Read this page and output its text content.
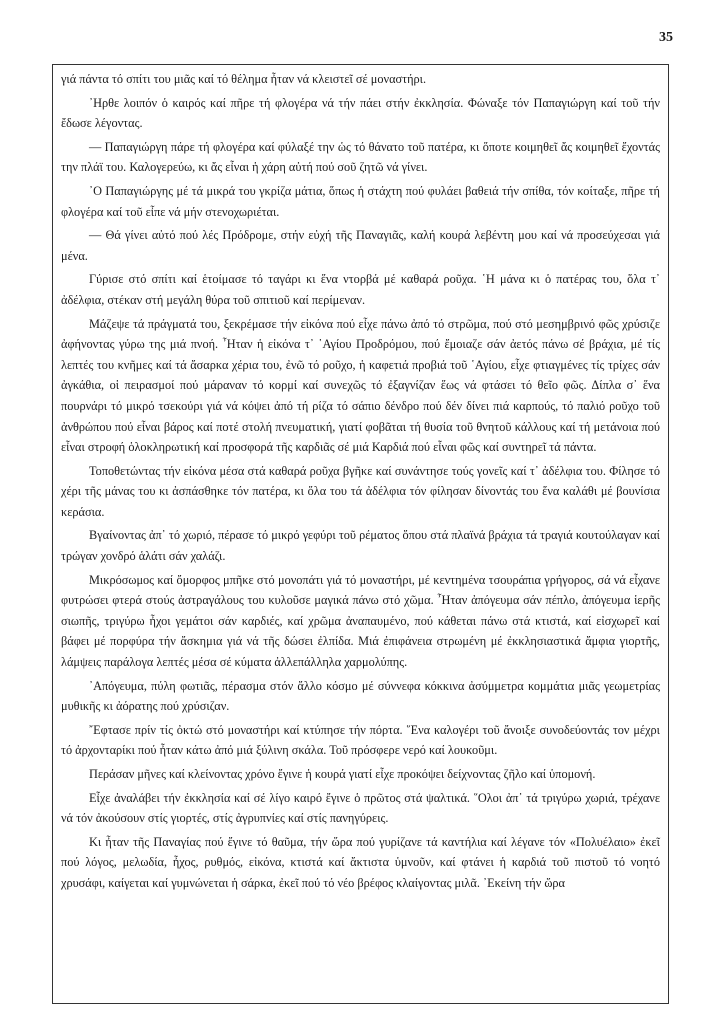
35

γιά πάντα τό σπίτι του μιᾶς καί τό θέλημα ἦταν νά κλειστεῖ σέ μοναστήρι.

᾿Ηρθε λοιπόν ὁ καιρός καί πῆρε τή φλογέρα νά τήν πάει στήν ἐκκλησία. Φώναξε τόν Παπαγιώργη καί τοῦ τήν ἔδωσε λέγοντας.

— Παπαγιώργη πάρε τή φλογέρα καί φύλαξέ την ὡς τό θάνατο τοῦ πατέρα, κι ὅποτε κοιμηθεῖ ἄς κοιμηθεῖ ἔχοντάς την πλάϊ του. Καλογερεύω, κι ἄς εἶναι ἡ χάρη αὐτή πού σοῦ ζητῶ νά γίνει.

᾿Ο Παπαγιώργης μέ τά μικρά του γκρίζα μάτια, ὅπως ἡ στάχτη πού φυλάει βαθειά τήν σπίθα, τόν κοίταξε, πῆρε τή φλογέρα καί τοῦ εἶπε νά μήν στενοχωριέται.

— Θά γίνει αὐτό πού λές Πρόδρομε, στήν εὐχή τῆς Παναγιᾶς, καλή κουρά λεβέντη μου καί νά προσεύχεσαι γιά μένα.

Γύρισε στό σπίτι καί ἑτοίμασε τό ταγάρι κι ἕνα ντορβά μέ καθαρά ροῦχα. ῾Η μάνα κι ὁ πατέρας του, ὅλα τ᾿ ἀδέλφια, στέκαν στή μεγάλη θύρα τοῦ σπιτιοῦ καί περίμεναν.

Μάζεψε τά πράγματά του, ξεκρέμασε τήν εἰκόνα πού εἶχε πάνω ἀπό τό στρῶμα, πού στό μεσημβρινό φῶς χρύσιζε ἀφήνοντας γύρω της μιά πνοή. ῏Ηταν ἡ εἰκόνα τ᾿ ῾Αγίου Προδρόμου, πού ἔμοιαζε σάν ἀετός πάνω σέ βράχια, μέ τίς λεπτές του κνῆμες καί τά ἄσαρκα χέρια του, ἐνῶ τό ροῦχο, ἡ καφετιά προβιά τοῦ ῾Αγίου, εἶχε φτιαγμένες τίς τρίχες σάν ἀγκάθια, οἱ πειρασμοί πού μάραναν τό κορμί καί συνεχῶς τό ἐξαγνίζαν ἕως νά φτάσει τό θεῖο φῶς. Δίπλα σ᾿ ἕνα πουρνάρι τό μικρό τσεκούρι γιά νά κόψει ἀπό τή ρίζα τό σάπιο δένδρο πού δέν δίνει πιά καρπούς, τό παλιό ροῦχο τοῦ ἀνθρώπου πού εἶναι βάρος καί ποτέ στολή πνευματική, γιατί φοβᾶται τή θυσία τοῦ θνητοῦ κάλλους καί τή μετάνοια πού εἶναι στροφή ὁλοκληρωτική καί προσφορά τῆς καρδιᾶς σέ μιά Καρδιά πού εἶναι φῶς καί συντηρεῖ τά πάντα.

Τοποθετώντας τήν εἰκόνα μέσα στά καθαρά ροῦχα βγῆκε καί συνάντησε τούς γονεῖς καί τ᾿ ἀδέλφια του. Φίλησε τό χέρι τῆς μάνας του κι ἀσπάσθηκε τόν πατέρα, κι ὅλα του τά ἀδέλφια τόν φίλησαν δίνοντάς του ἕνα καλάθι μέ βουνίσια κεράσια.

Βγαίνοντας ἀπ᾿ τό χωριό, πέρασε τό μικρό γεφύρι τοῦ ρέματος ὅπου στά πλαϊνά βράχια τά τραγιά κουτούλαγαν καί τρώγαν χονδρό ἁλάτι σάν χαλάζι.

Μικρόσωμος καί ὄμορφος μπῆκε στό μονοπάτι γιά τό μοναστήρι, μέ κεντημένα τσουράπια γρήγορος, σά νά εἶχανε φυτρώσει φτερά στούς ἀστραγάλους του κυλοῦσε μαγικά πάνω στό χῶμα. ῏Ηταν ἀπόγευμα σάν πέπλο, ἀπόγευμα ἱερῆς σιωπῆς, τριγύρω ἦχοι γεμάτοι σάν καρδιές, καί χρῶμα ἀναπαυμένο, πού κάθεται πάνω στά κτιστά, καί εἰσχωρεῖ καί βάφει μέ πορφύρα τήν ἄσκημια γιά νά τῆς δώσει ἐλπίδα. Μιά ἐπιφάνεια στρωμένη μέ ἐκκλησιαστικά ἄμφια γιορτῆς, λάμψεις παράλογα λεπτές μέσα σέ κύματα ἀλλεπάλληλα χαρμολύπης.

᾿Απόγευμα, πύλη φωτιᾶς, πέρασμα στόν ἄλλο κόσμο μέ σύννεφα κόκκινα ἀσύμμετρα κομμάτια μιᾶς γεωμετρίας μυθικῆς κι ἀόρατης πού χρύσιζαν.

῎Εφτασε πρίν τίς ὀκτώ στό μοναστήρι καί κτύπησε τήν πόρτα. ῞Ενα καλογέρι τοῦ ἄνοιξε συνοδεύοντάς τον μέχρι τό ἀρχονταρίκι πού ἦταν κάτω ἀπό μιά ξύλινη σκάλα. Τοῦ πρόσφερε νερό καί λουκοῦμι.

Περάσαν μῆνες καί κλείνοντας χρόνο ἔγινε ἡ κουρά γιατί εἶχε προκόψει δείχνοντας ζῆλο καί ὑπομονή.

Εἶχε ἀναλάβει τήν ἐκκλησία καί σέ λίγο καιρό ἔγινε ὁ πρῶτος στά ψαλτικά. ῞Ολοι ἀπ᾿ τά τριγύρω χωριά, τρέχανε νά τόν ἀκούσουν στίς γιορτές, στίς ἀγρυπνίες καί στίς πανηγύρεις.

Κι ἦταν τῆς Παναγίας πού ἔγινε τό θαῦμα, τήν ὥρα πού γυρίζανε τά καντήλια καί λέγανε τόν «Πολυέλαιο» ἐκεῖ πού λόγος, μελωδία, ἦχος, ρυθμός, εἰκόνα, κτιστά καί ἄκτιστα ὑμνοῦν, καί φτάνει ἡ καρδιά τοῦ πιστοῦ τό νοητό χρυσάφι, καίγεται καί γυμνώνεται ἡ σάρκα, ἐκεῖ πού τό νέο βρέφος κλαίγοντας μιλᾶ. ᾿Εκείνη τήν ὥρα
